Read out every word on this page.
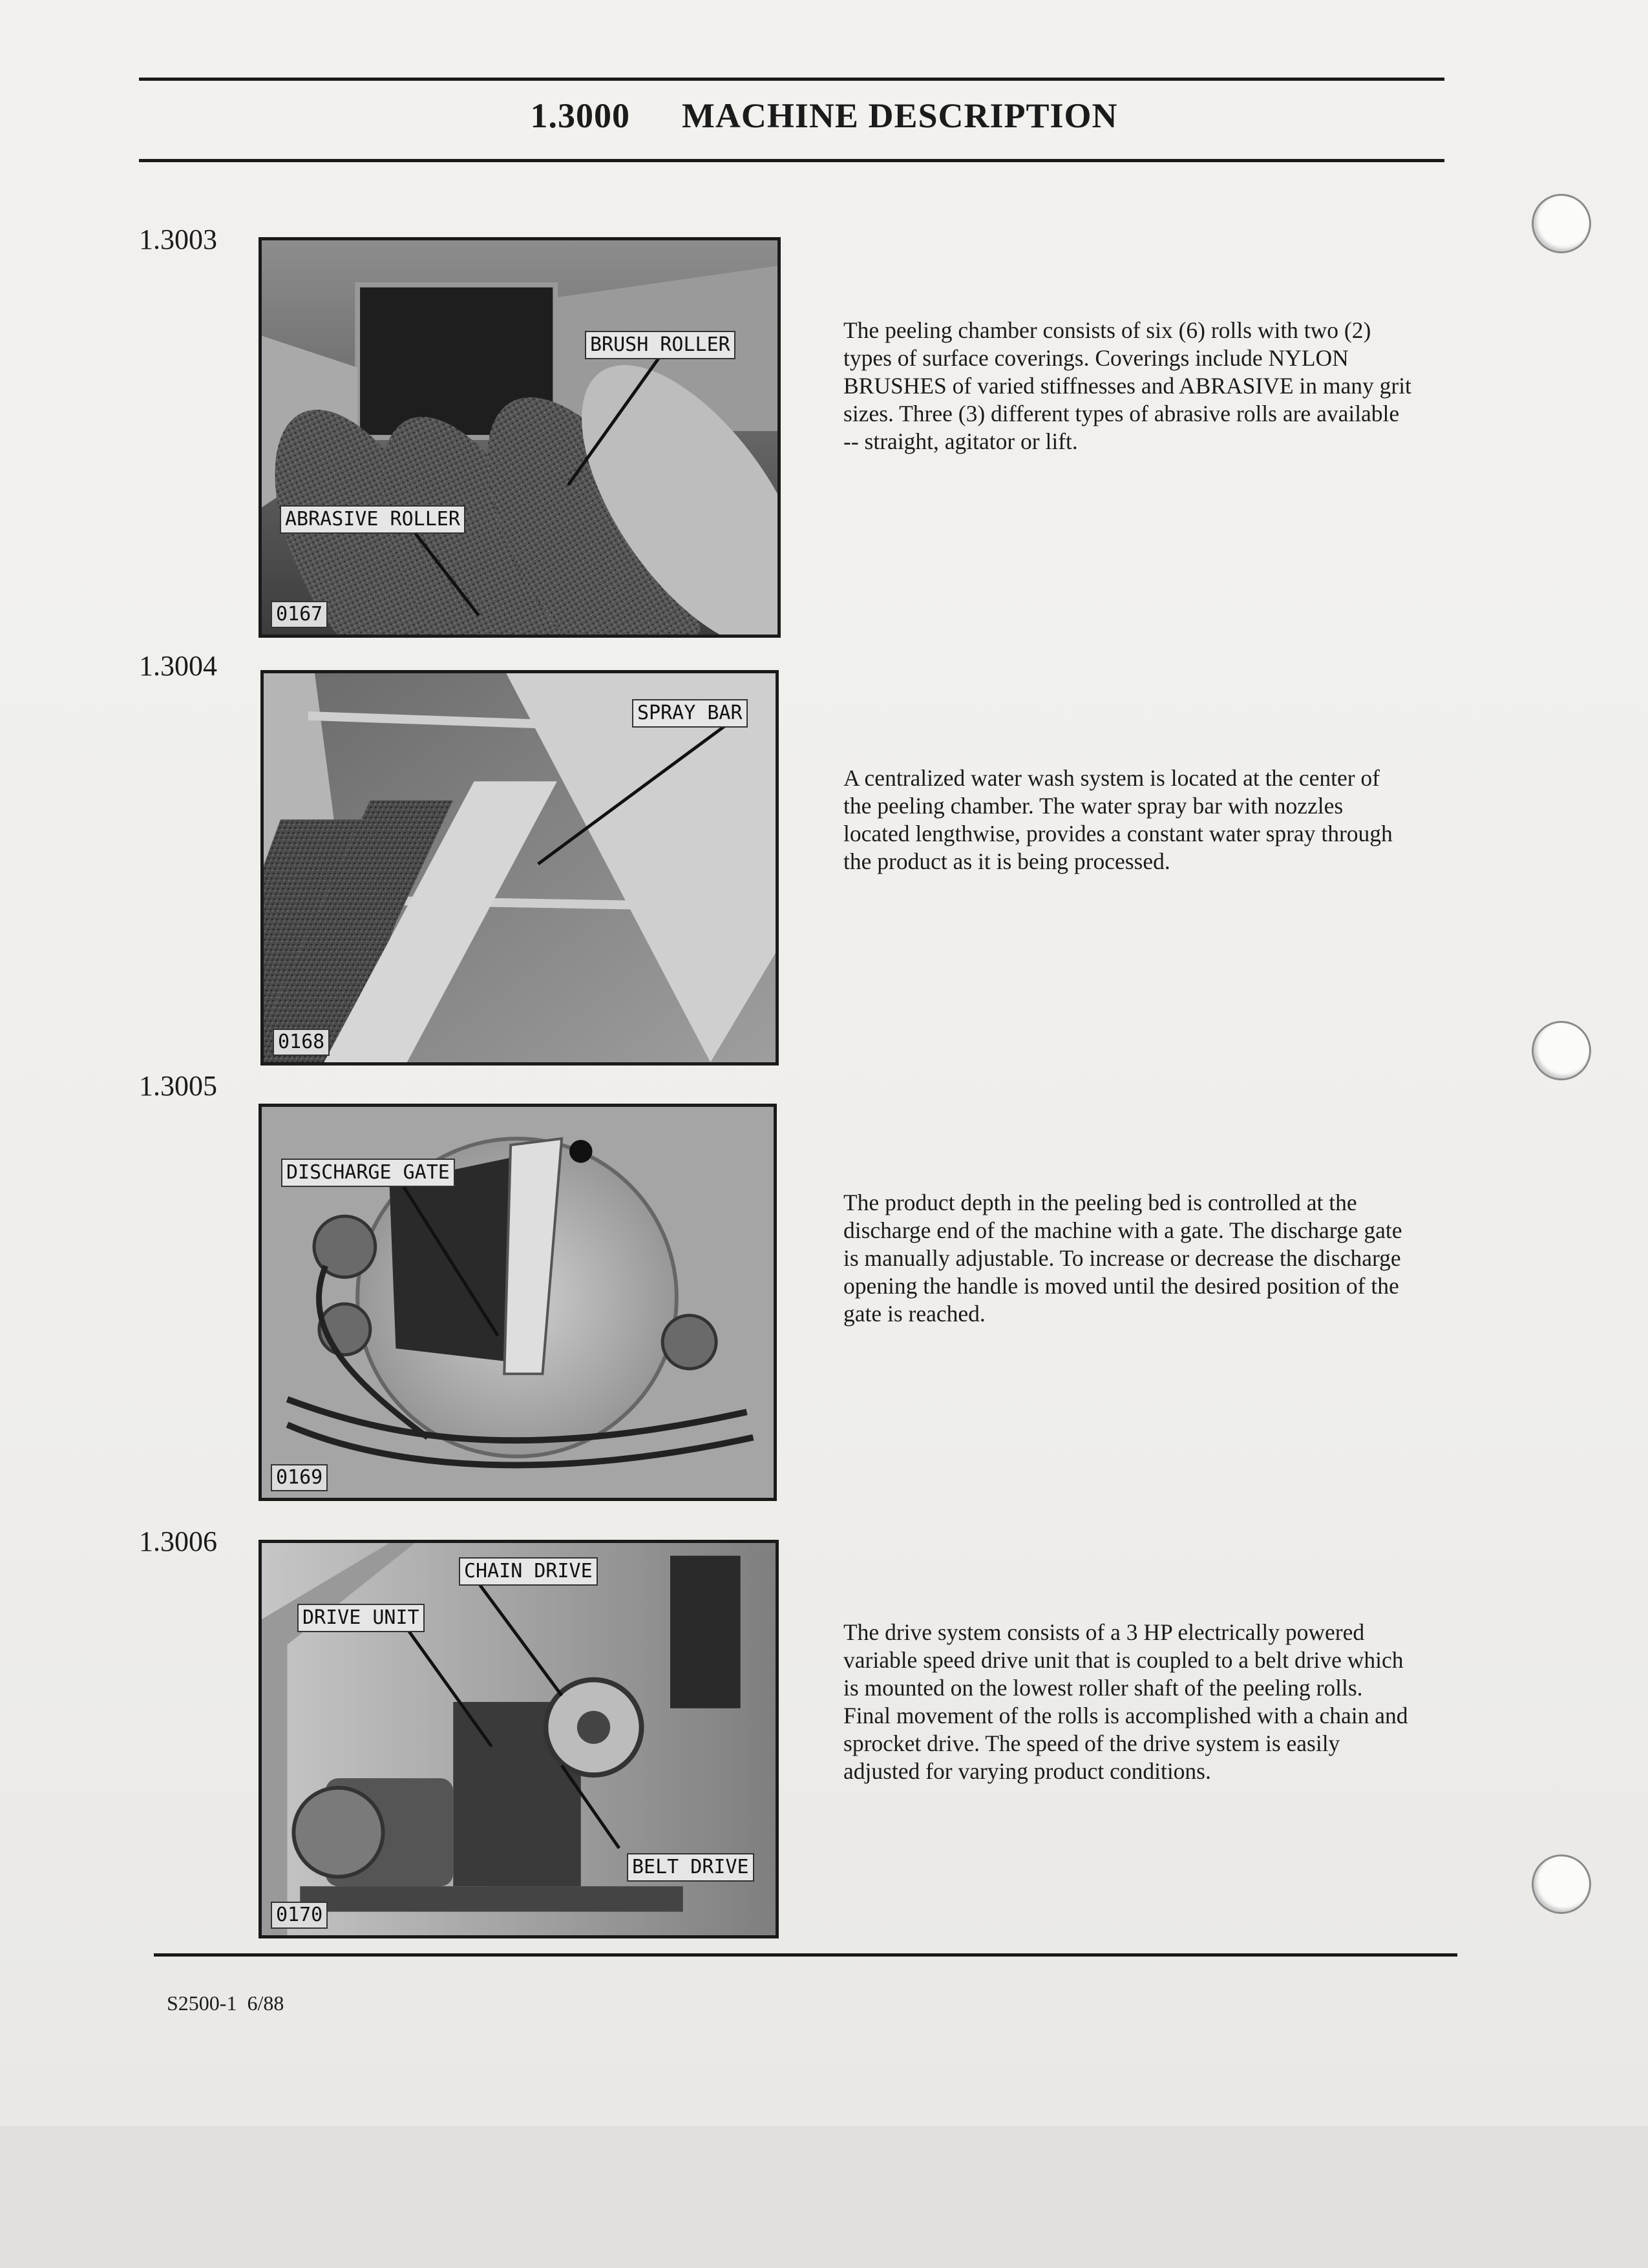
1.3000 MACHINE DESCRIPTION
1.3003
BRUSH ROLLER
ABRASIVE ROLLER
0167
The peeling chamber consists of six (6) rolls with two (2) types of surface coverings. Coverings include NYLON BRUSHES of varied stiffnesses and ABRASIVE in many grit sizes. Three (3) different types of abrasive rolls are available -- straight, agitator or lift.
1.3004
SPRAY BAR
0168
A centralized water wash system is located at the center of the peeling chamber. The water spray bar with nozzles located lengthwise, provides a constant water spray through the product as it is being processed.
1.3005
DISCHARGE GATE
0169
The product depth in the peeling bed is controlled at the discharge end of the machine with a gate. The discharge gate is manually adjustable. To increase or decrease the discharge opening the handle is moved until the desired position of the gate is reached.
1.3006
CHAIN DRIVE
DRIVE UNIT
BELT DRIVE
0170
The drive system consists of a 3 HP electrically powered variable speed drive unit that is coupled to a belt drive which is mounted on the lowest roller shaft of the peeling rolls. Final movement of the rolls is accomplished with a chain and sprocket drive. The speed of the drive system is easily adjusted for varying product conditions.
S2500-1 6/88
